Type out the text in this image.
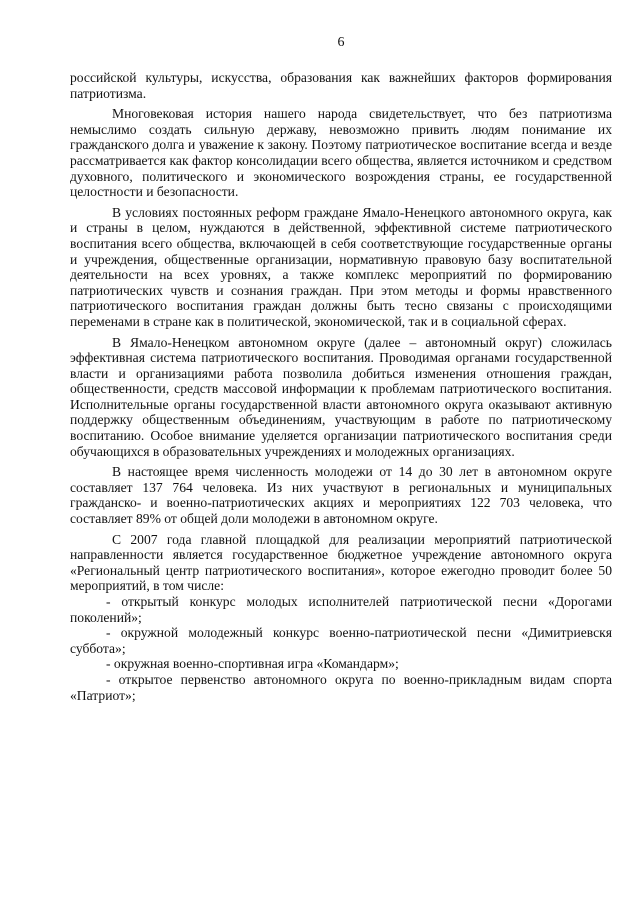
6

российской культуры, искусства, образования как важнейших факторов формирования патриотизма.

Многовековая история нашего народа свидетельствует, что без патриотизма немыслимо создать сильную державу, невозможно привить людям понимание их гражданского долга и уважение к закону. Поэтому патриотическое воспитание всегда и везде рассматривается как фактор консолидации всего общества, является источником и средством духовного, политического и экономического возрождения страны, ее государственной целостности и безопасности.

В условиях постоянных реформ граждане Ямало-Ненецкого автономного округа, как и страны в целом, нуждаются в действенной, эффективной системе патриотического воспитания всего общества, включающей в себя соответствующие государственные органы и учреждения, общественные организации, нормативную правовую базу воспитательной деятельности на всех уровнях, а также комплекс мероприятий по формированию патриотических чувств и сознания граждан. При этом методы и формы нравственного патриотического воспитания граждан должны быть тесно связаны с происходящими переменами в стране как в политической, экономической, так и в социальной сферах.

В Ямало-Ненецком автономном округе (далее – автономный округ) сложилась эффективная система патриотического воспитания. Проводимая органами государственной власти и организациями работа позволила добиться изменения отношения граждан, общественности, средств массовой информации к проблемам патриотического воспитания. Исполнительные органы государственной власти автономного округа оказывают активную поддержку общественным объединениям, участвующим в работе по патриотическому воспитанию. Особое внимание уделяется организации патриотического воспитания среди обучающихся в образовательных учреждениях и молодежных организациях.

В настоящее время численность молодежи от 14 до 30 лет в автономном округе составляет 137 764 человека. Из них участвуют в региональных и муниципальных гражданско- и военно-патриотических акциях и мероприятиях 122 703 человека, что составляет 89% от общей доли молодежи в автономном округе.

С 2007 года главной площадкой для реализации мероприятий патриотической направленности является государственное бюджетное учреждение автономного округа «Региональный центр патриотического воспитания», которое ежегодно проводит более 50 мероприятий, в том числе:

- открытый конкурс молодых исполнителей патриотической песни «Дорогами поколений»;

- окружной молодежный конкурс военно-патриотической песни «Димитриевскя суббота»;

- окружная военно-спортивная игра «Командарм»;

- открытое первенство автономного округа по военно-прикладным видам спорта «Патриот»;
